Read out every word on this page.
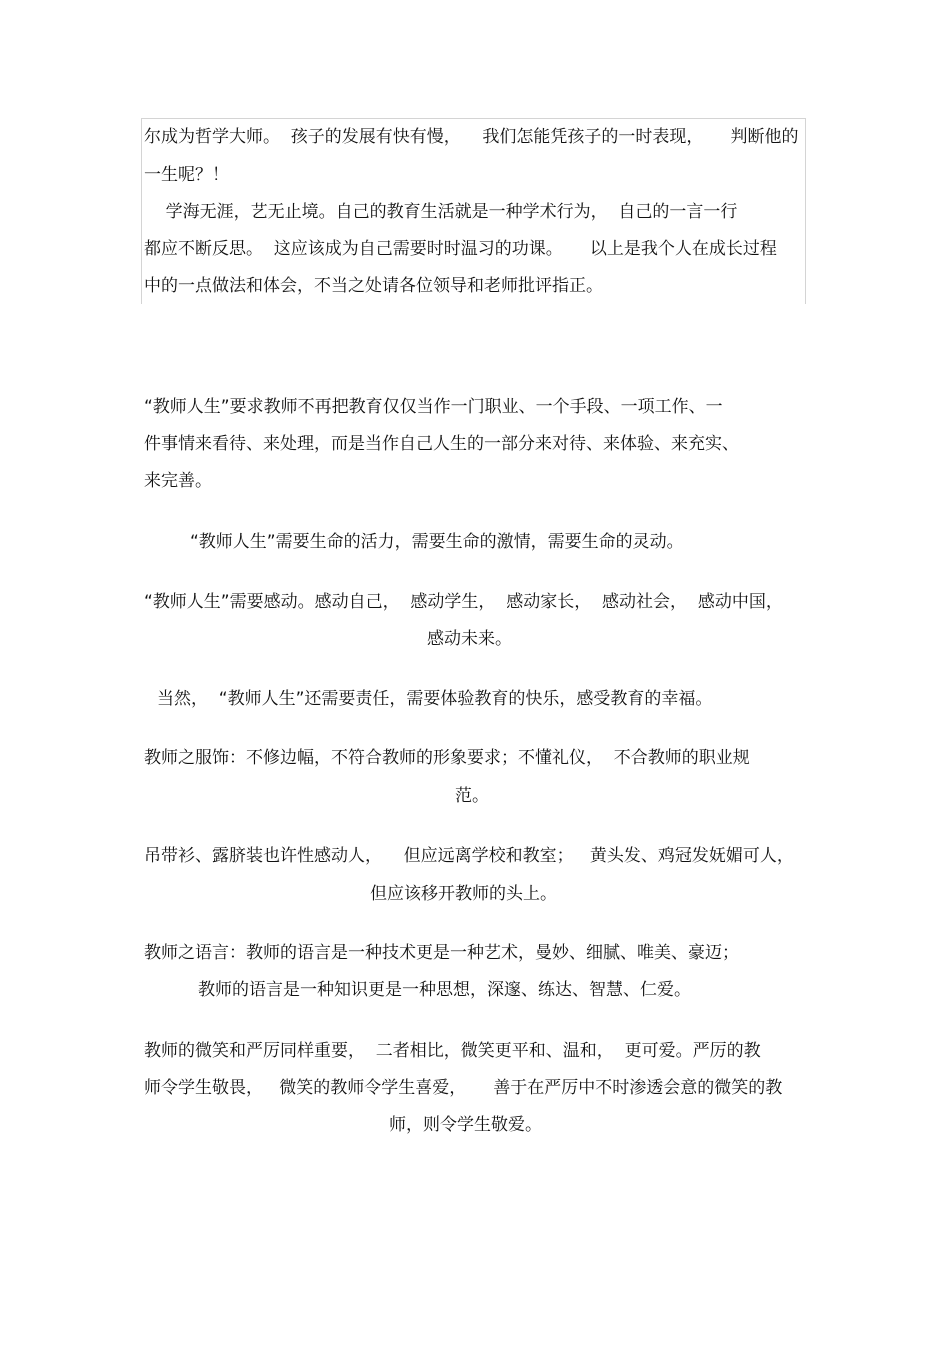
尔成为哲学大师。  孩子的发展有快有慢，    我们怎能凭孩子的一时表现，     判断他的

一生呢？！

学海无涯，艺无止境。自己的教育生活就是一种学术行为，  自己的一言一行

都应不断反思。  这应该成为自己需要时时温习的功课。     以上是我个人在成长过程

中的一点做法和体会，不当之处请各位领导和老师批评指正。

“教师人生”要求教师不再把教育仅仅当作一门职业、一个手段、一项工作、一

件事情来看待、来处理，而是当作自己人生的一部分来对待、来体验、来充实、

来完善。

“教师人生”需要生命的活力，需要生命的激情，需要生命的灵动。

“教师人生”需要感动。感动自己，  感动学生，  感动家长，  感动社会，  感动中国，

感动未来。

当然，  “教师人生”还需要责任，需要体验教育的快乐，感受教育的幸福。

教师之服饰：不修边幅，不符合教师的形象要求；不懂礼仪，  不合教师的职业规

范。

吊带衫、露脐装也许性感动人，    但应远离学校和教室；   黄头发、鸡冠发妩媚可人，

但应该移开教师的头上。

教师之语言：教师的语言是一种技术更是一种艺术，曼妙、细腻、唯美、豪迈；

教师的语言是一种知识更是一种思想，深邃、练达、智慧、仁爱。

教师的微笑和严厉同样重要，  二者相比，微笑更平和、温和，  更可爱。严厉的教

师令学生敬畏，   微笑的教师令学生喜爱，     善于在严厉中不时渗透会意的微笑的教

师，则令学生敬爱。
